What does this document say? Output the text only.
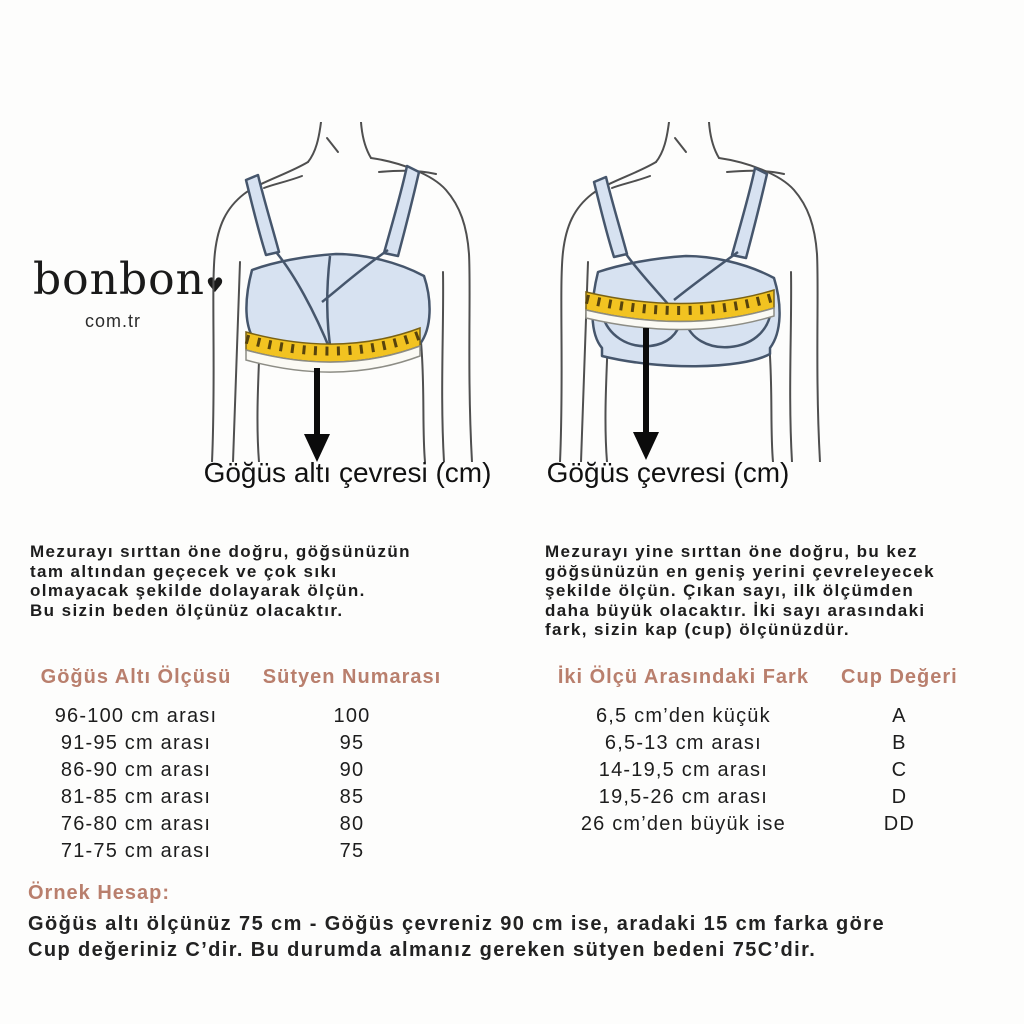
bonbon♥
com.tr
Göğüs altı çevresi (cm)	Göğüs çevresi (cm)
Mezurayı sırttan öne doğru, göğsünüzün
tam altından geçecek ve çok sıkı
olmayacak şekilde dolayarak ölçün.
Bu sizin beden ölçünüz olacaktır.
Mezurayı yine sırttan öne doğru, bu kez
göğsünüzün en geniş yerini çevreleyecek
şekilde ölçün. Çıkan sayı, ilk ölçümden
daha büyük olacaktır. İki sayı arasındaki
fark, sizin kap (cup) ölçünüzdür.
Göğüs Altı Ölçüsü	Sütyen Numarası
96-100 cm arası	100
91-95 cm arası	95
86-90 cm arası	90
81-85 cm arası	85
76-80 cm arası	80
71-75 cm arası	75
İki Ölçü Arasındaki Fark	Cup Değeri
6,5 cm’den küçük	A
6,5-13 cm arası	B
14-19,5 cm arası	C
19,5-26 cm arası	D
26 cm’den büyük ise	DD
Örnek Hesap:
Göğüs altı ölçünüz 75 cm - Göğüs çevreniz 90 cm ise, aradaki 15 cm farka göre
Cup değeriniz C’dir. Bu durumda almanız gereken sütyen bedeni 75C’dir.
